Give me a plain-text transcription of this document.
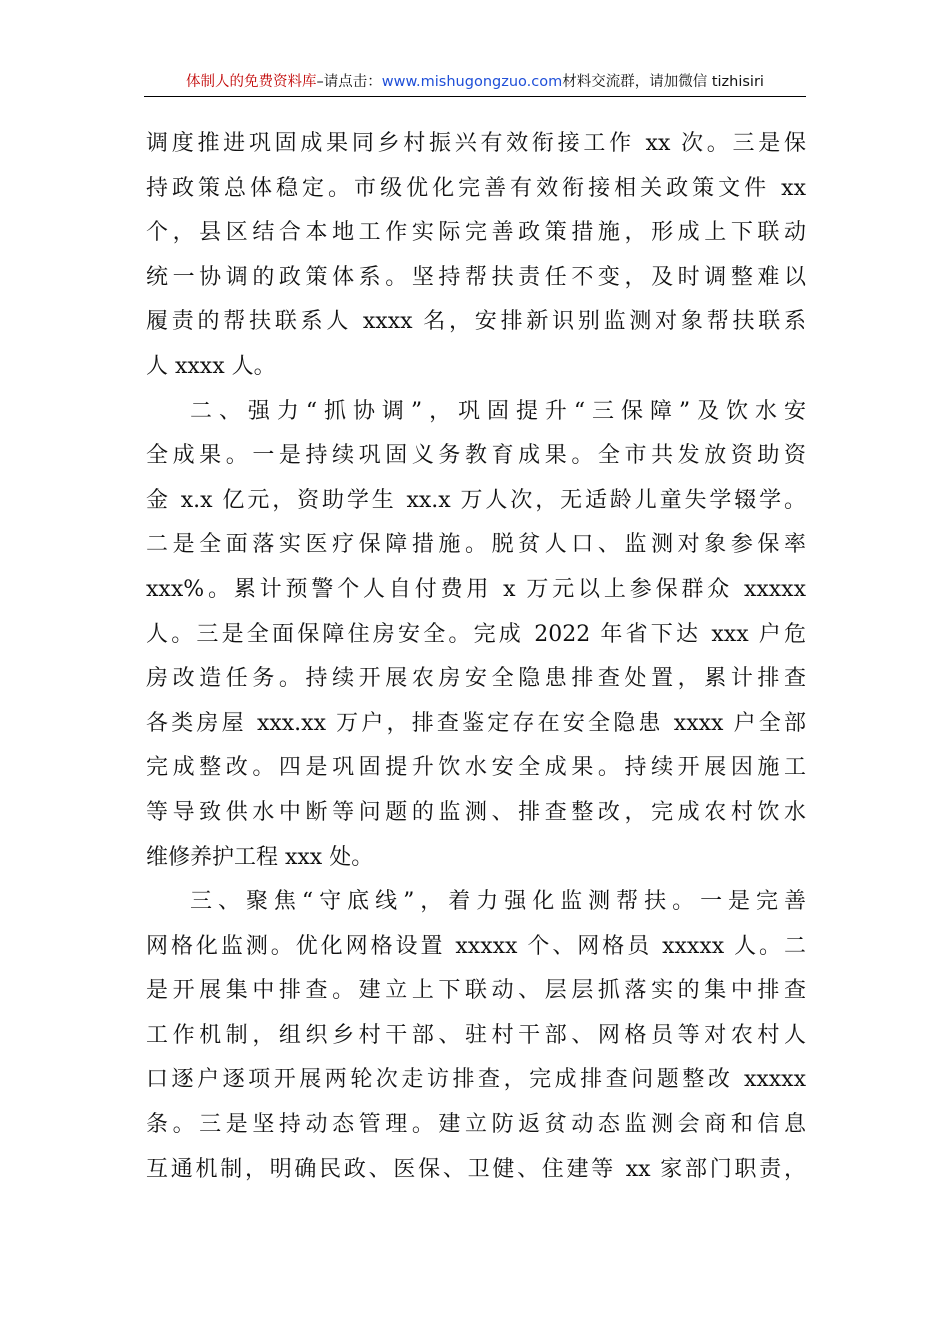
体制人的免费资料库–请点击：www.mishugongzuo.com材料交流群，请加微信 tizhisiri
调度推进巩固成果同乡村振兴有效衔接工作 xx 次。三是保
持政策总体稳定。市级优化完善有效衔接相关政策文件 xx
个，县区结合本地工作实际完善政策措施，形成上下联动
统一协调的政策体系。坚持帮扶责任不变，及时调整难以
履责的帮扶联系人 xxxx 名，安排新识别监测对象帮扶联系
人 xxxx 人。
二、强力“抓协调”，巩固提升“三保障”及饮水安
全成果。一是持续巩固义务教育成果。全市共发放资助资
金 x.x 亿元，资助学生 xx.x 万人次，无适龄儿童失学辍学。
二是全面落实医疗保障措施。脱贫人口、监测对象参保率
xxx%。累计预警个人自付费用 x 万元以上参保群众 xxxxx
人。三是全面保障住房安全。完成 2022 年省下达 xxx 户危
房改造任务。持续开展农房安全隐患排查处置，累计排查
各类房屋 xxx.xx 万户，排查鉴定存在安全隐患 xxxx 户全部
完成整改。四是巩固提升饮水安全成果。持续开展因施工
等导致供水中断等问题的监测、排查整改，完成农村饮水
维修养护工程 xxx 处。
三、聚焦“守底线”，着力强化监测帮扶。一是完善
网格化监测。优化网格设置 xxxxx 个、网格员 xxxxx 人。二
是开展集中排查。建立上下联动、层层抓落实的集中排查
工作机制，组织乡村干部、驻村干部、网格员等对农村人
口逐户逐项开展两轮次走访排查，完成排查问题整改 xxxxx
条。三是坚持动态管理。建立防返贫动态监测会商和信息
互通机制，明确民政、医保、卫健、住建等 xx 家部门职责，
